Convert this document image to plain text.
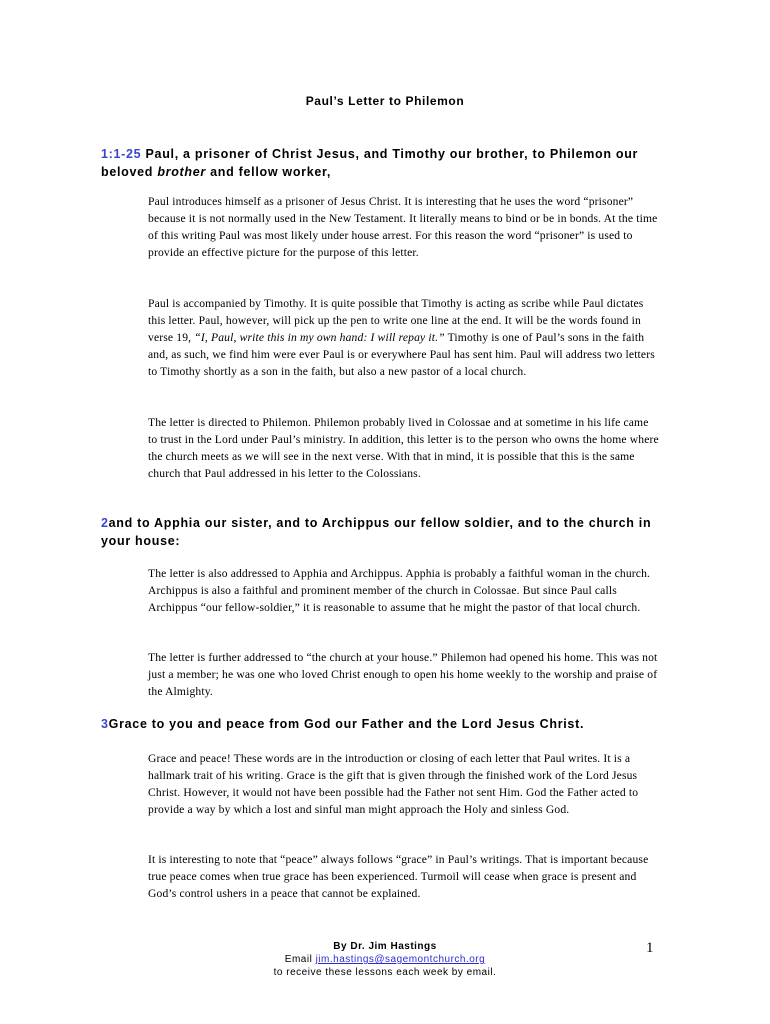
Paul’s Letter to Philemon
1:1-25 Paul, a prisoner of Christ Jesus, and Timothy our brother, to Philemon our beloved brother and fellow worker,

Paul introduces himself as a prisoner of Jesus Christ. It is interesting that he uses the word “prisoner” because it is not normally used in the New Testament. It literally means to bind or be in bonds. At the time of this writing Paul was most likely under house arrest. For this reason the word “prisoner” is used to provide an effective picture for the purpose of this letter.

Paul is accompanied by Timothy. It is quite possible that Timothy is acting as scribe while Paul dictates this letter. Paul, however, will pick up the pen to write one line at the end. It will be the words found in verse 19, “I, Paul, write this in my own hand: I will repay it.” Timothy is one of Paul’s sons in the faith and, as such, we find him were ever Paul is or everywhere Paul has sent him. Paul will address two letters to Timothy shortly as a son in the faith, but also a new pastor of a local church.

The letter is directed to Philemon. Philemon probably lived in Colossae and at sometime in his life came to trust in the Lord under Paul’s ministry. In addition, this letter is to the person who owns the home where the church meets as we will see in the next verse. With that in mind, it is possible that this is the same church that Paul addressed in his letter to the Colossians.

2and to Apphia our sister, and to Archippus our fellow soldier, and to the church in your house:

The letter is also addressed to Apphia and Archippus. Apphia is probably a faithful woman in the church. Archippus is also a faithful and prominent member of the church in Colossae. But since Paul calls Archippus “our fellow-soldier,” it is reasonable to assume that he might the pastor of that local church.

The letter is further addressed to “the church at your house.” Philemon had opened his home. This was not just a member; he was one who loved Christ enough to open his home weekly to the worship and praise of the Almighty.

3Grace to you and peace from God our Father and the Lord Jesus Christ.

Grace and peace! These words are in the introduction or closing of each letter that Paul writes. It is a hallmark trait of his writing. Grace is the gift that is given through the finished work of the Lord Jesus Christ. However, it would not have been possible had the Father not sent Him. God the Father acted to provide a way by which a lost and sinful man might approach the Holy and sinless God.

It is interesting to note that “peace” always follows “grace” in Paul’s writings. That is important because true peace comes when true grace has been experienced. Turmoil will cease when grace is present and God’s control ushers in a peace that cannot be explained.

By Dr. Jim Hastings
Email jim.hastings@sagemontchurch.org
to receive these lessons each week by email.
1
